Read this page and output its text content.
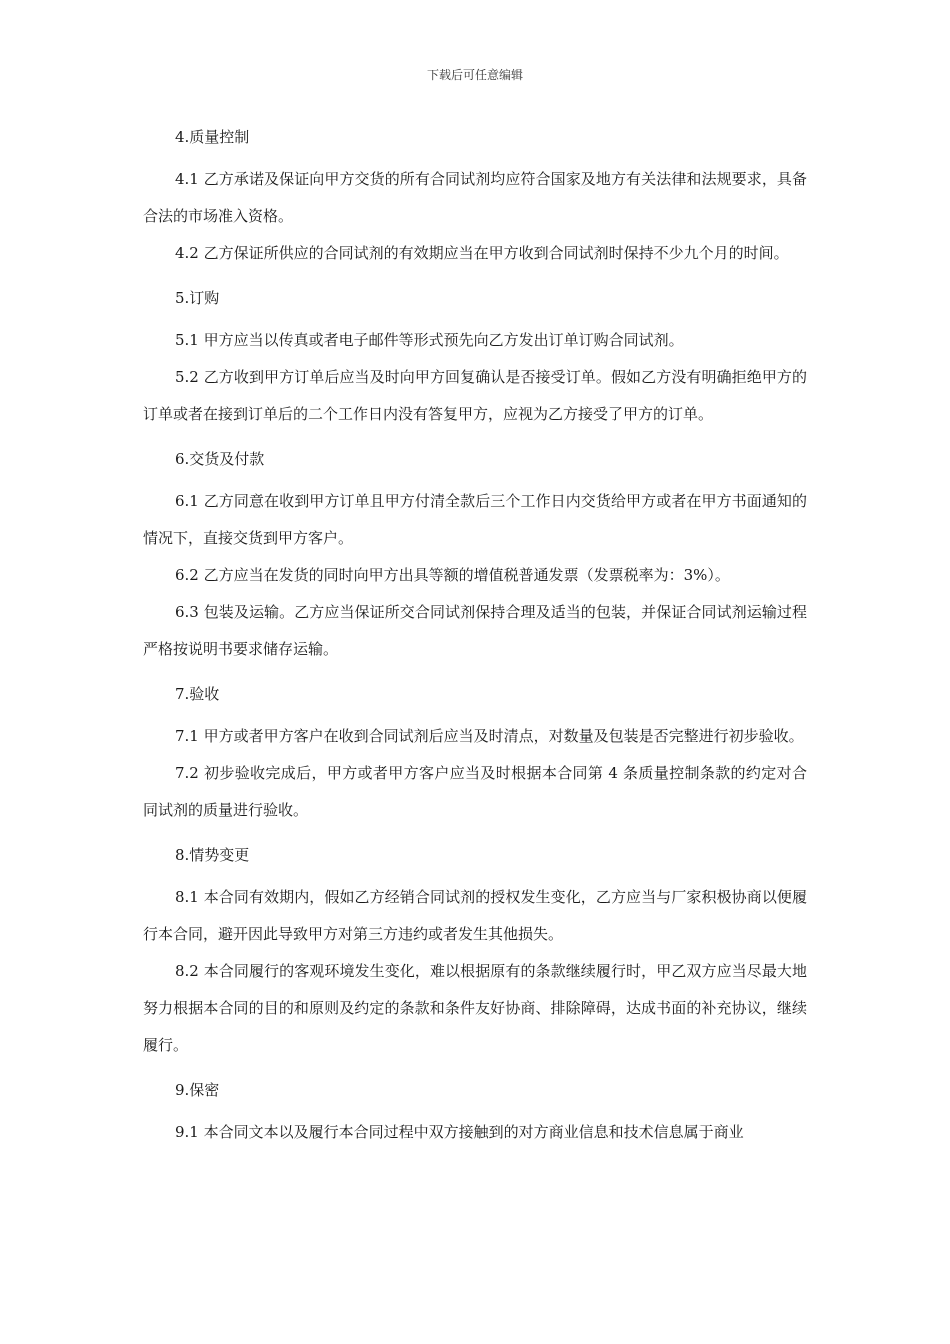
下载后可任意编辑

4.质量控制

4.1 乙方承诺及保证向甲方交货的所有合同试剂均应符合国家及地方有关法律和法规要求，具备合法的市场准入资格。

4.2 乙方保证所供应的合同试剂的有效期应当在甲方收到合同试剂时保持不少九个月的时间。

5.订购

5.1 甲方应当以传真或者电子邮件等形式预先向乙方发出订单订购合同试剂。

5.2 乙方收到甲方订单后应当及时向甲方回复确认是否接受订单。假如乙方没有明确拒绝甲方的订单或者在接到订单后的二个工作日内没有答复甲方，应视为乙方接受了甲方的订单。

6.交货及付款

6.1 乙方同意在收到甲方订单且甲方付清全款后三个工作日内交货给甲方或者在甲方书面通知的情况下，直接交货到甲方客户。

6.2 乙方应当在发货的同时向甲方出具等额的增值税普通发票（发票税率为：3%）。

6.3 包装及运输。乙方应当保证所交合同试剂保持合理及适当的包装，并保证合同试剂运输过程严格按说明书要求储存运输。

7.验收

7.1 甲方或者甲方客户在收到合同试剂后应当及时清点，对数量及包装是否完整进行初步验收。

7.2 初步验收完成后，甲方或者甲方客户应当及时根据本合同第 4 条质量控制条款的约定对合同试剂的质量进行验收。

8.情势变更

8.1 本合同有效期内，假如乙方经销合同试剂的授权发生变化，乙方应当与厂家积极协商以便履行本合同，避开因此导致甲方对第三方违约或者发生其他损失。

8.2 本合同履行的客观环境发生变化，难以根据原有的条款继续履行时，甲乙双方应当尽最大地努力根据本合同的目的和原则及约定的条款和条件友好协商、排除障碍，达成书面的补充协议，继续履行。

9.保密

9.1 本合同文本以及履行本合同过程中双方接触到的对方商业信息和技术信息属于商业
